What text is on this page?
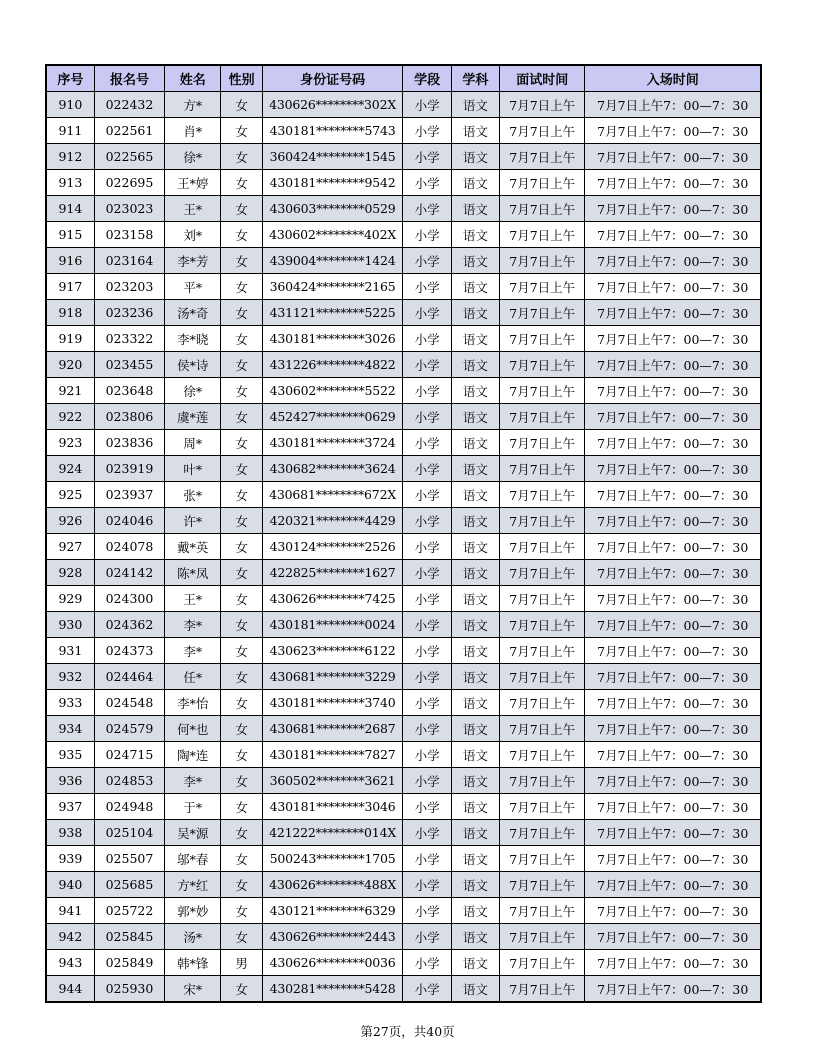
序号	报名号	姓名	性别	身份证号码	学段	学科	面试时间	入场时间
910	022432	方*	女	430626********302X	小学	语文	7月7日上午	7月7日上午7：00—7：30
911	022561	肖*	女	430181********5743	小学	语文	7月7日上午	7月7日上午7：00—7：30
912	022565	徐*	女	360424********1545	小学	语文	7月7日上午	7月7日上午7：00—7：30
913	022695	王*婷	女	430181********9542	小学	语文	7月7日上午	7月7日上午7：00—7：30
914	023023	王*	女	430603********0529	小学	语文	7月7日上午	7月7日上午7：00—7：30
915	023158	刘*	女	430602********402X	小学	语文	7月7日上午	7月7日上午7：00—7：30
916	023164	李*芳	女	439004********1424	小学	语文	7月7日上午	7月7日上午7：00—7：30
917	023203	平*	女	360424********2165	小学	语文	7月7日上午	7月7日上午7：00—7：30
918	023236	汤*奇	女	431121********5225	小学	语文	7月7日上午	7月7日上午7：00—7：30
919	023322	李*晓	女	430181********3026	小学	语文	7月7日上午	7月7日上午7：00—7：30
920	023455	侯*诗	女	431226********4822	小学	语文	7月7日上午	7月7日上午7：00—7：30
921	023648	徐*	女	430602********5522	小学	语文	7月7日上午	7月7日上午7：00—7：30
922	023806	虞*莲	女	452427********0629	小学	语文	7月7日上午	7月7日上午7：00—7：30
923	023836	周*	女	430181********3724	小学	语文	7月7日上午	7月7日上午7：00—7：30
924	023919	叶*	女	430682********3624	小学	语文	7月7日上午	7月7日上午7：00—7：30
925	023937	张*	女	430681********672X	小学	语文	7月7日上午	7月7日上午7：00—7：30
926	024046	许*	女	420321********4429	小学	语文	7月7日上午	7月7日上午7：00—7：30
927	024078	戴*英	女	430124********2526	小学	语文	7月7日上午	7月7日上午7：00—7：30
928	024142	陈*凤	女	422825********1627	小学	语文	7月7日上午	7月7日上午7：00—7：30
929	024300	王*	女	430626********7425	小学	语文	7月7日上午	7月7日上午7：00—7：30
930	024362	李*	女	430181********0024	小学	语文	7月7日上午	7月7日上午7：00—7：30
931	024373	李*	女	430623********6122	小学	语文	7月7日上午	7月7日上午7：00—7：30
932	024464	任*	女	430681********3229	小学	语文	7月7日上午	7月7日上午7：00—7：30
933	024548	李*怡	女	430181********3740	小学	语文	7月7日上午	7月7日上午7：00—7：30
934	024579	何*也	女	430681********2687	小学	语文	7月7日上午	7月7日上午7：00—7：30
935	024715	陶*连	女	430181********7827	小学	语文	7月7日上午	7月7日上午7：00—7：30
936	024853	李*	女	360502********3621	小学	语文	7月7日上午	7月7日上午7：00—7：30
937	024948	于*	女	430181********3046	小学	语文	7月7日上午	7月7日上午7：00—7：30
938	025104	吴*源	女	421222********014X	小学	语文	7月7日上午	7月7日上午7：00—7：30
939	025507	邬*春	女	500243********1705	小学	语文	7月7日上午	7月7日上午7：00—7：30
940	025685	方*红	女	430626********488X	小学	语文	7月7日上午	7月7日上午7：00—7：30
941	025722	郭*妙	女	430121********6329	小学	语文	7月7日上午	7月7日上午7：00—7：30
942	025845	汤*	女	430626********2443	小学	语文	7月7日上午	7月7日上午7：00—7：30
943	025849	韩*锋	男	430626********0036	小学	语文	7月7日上午	7月7日上午7：00—7：30
944	025930	宋*	女	430281********5428	小学	语文	7月7日上午	7月7日上午7：00—7：30
第27页，共40页
